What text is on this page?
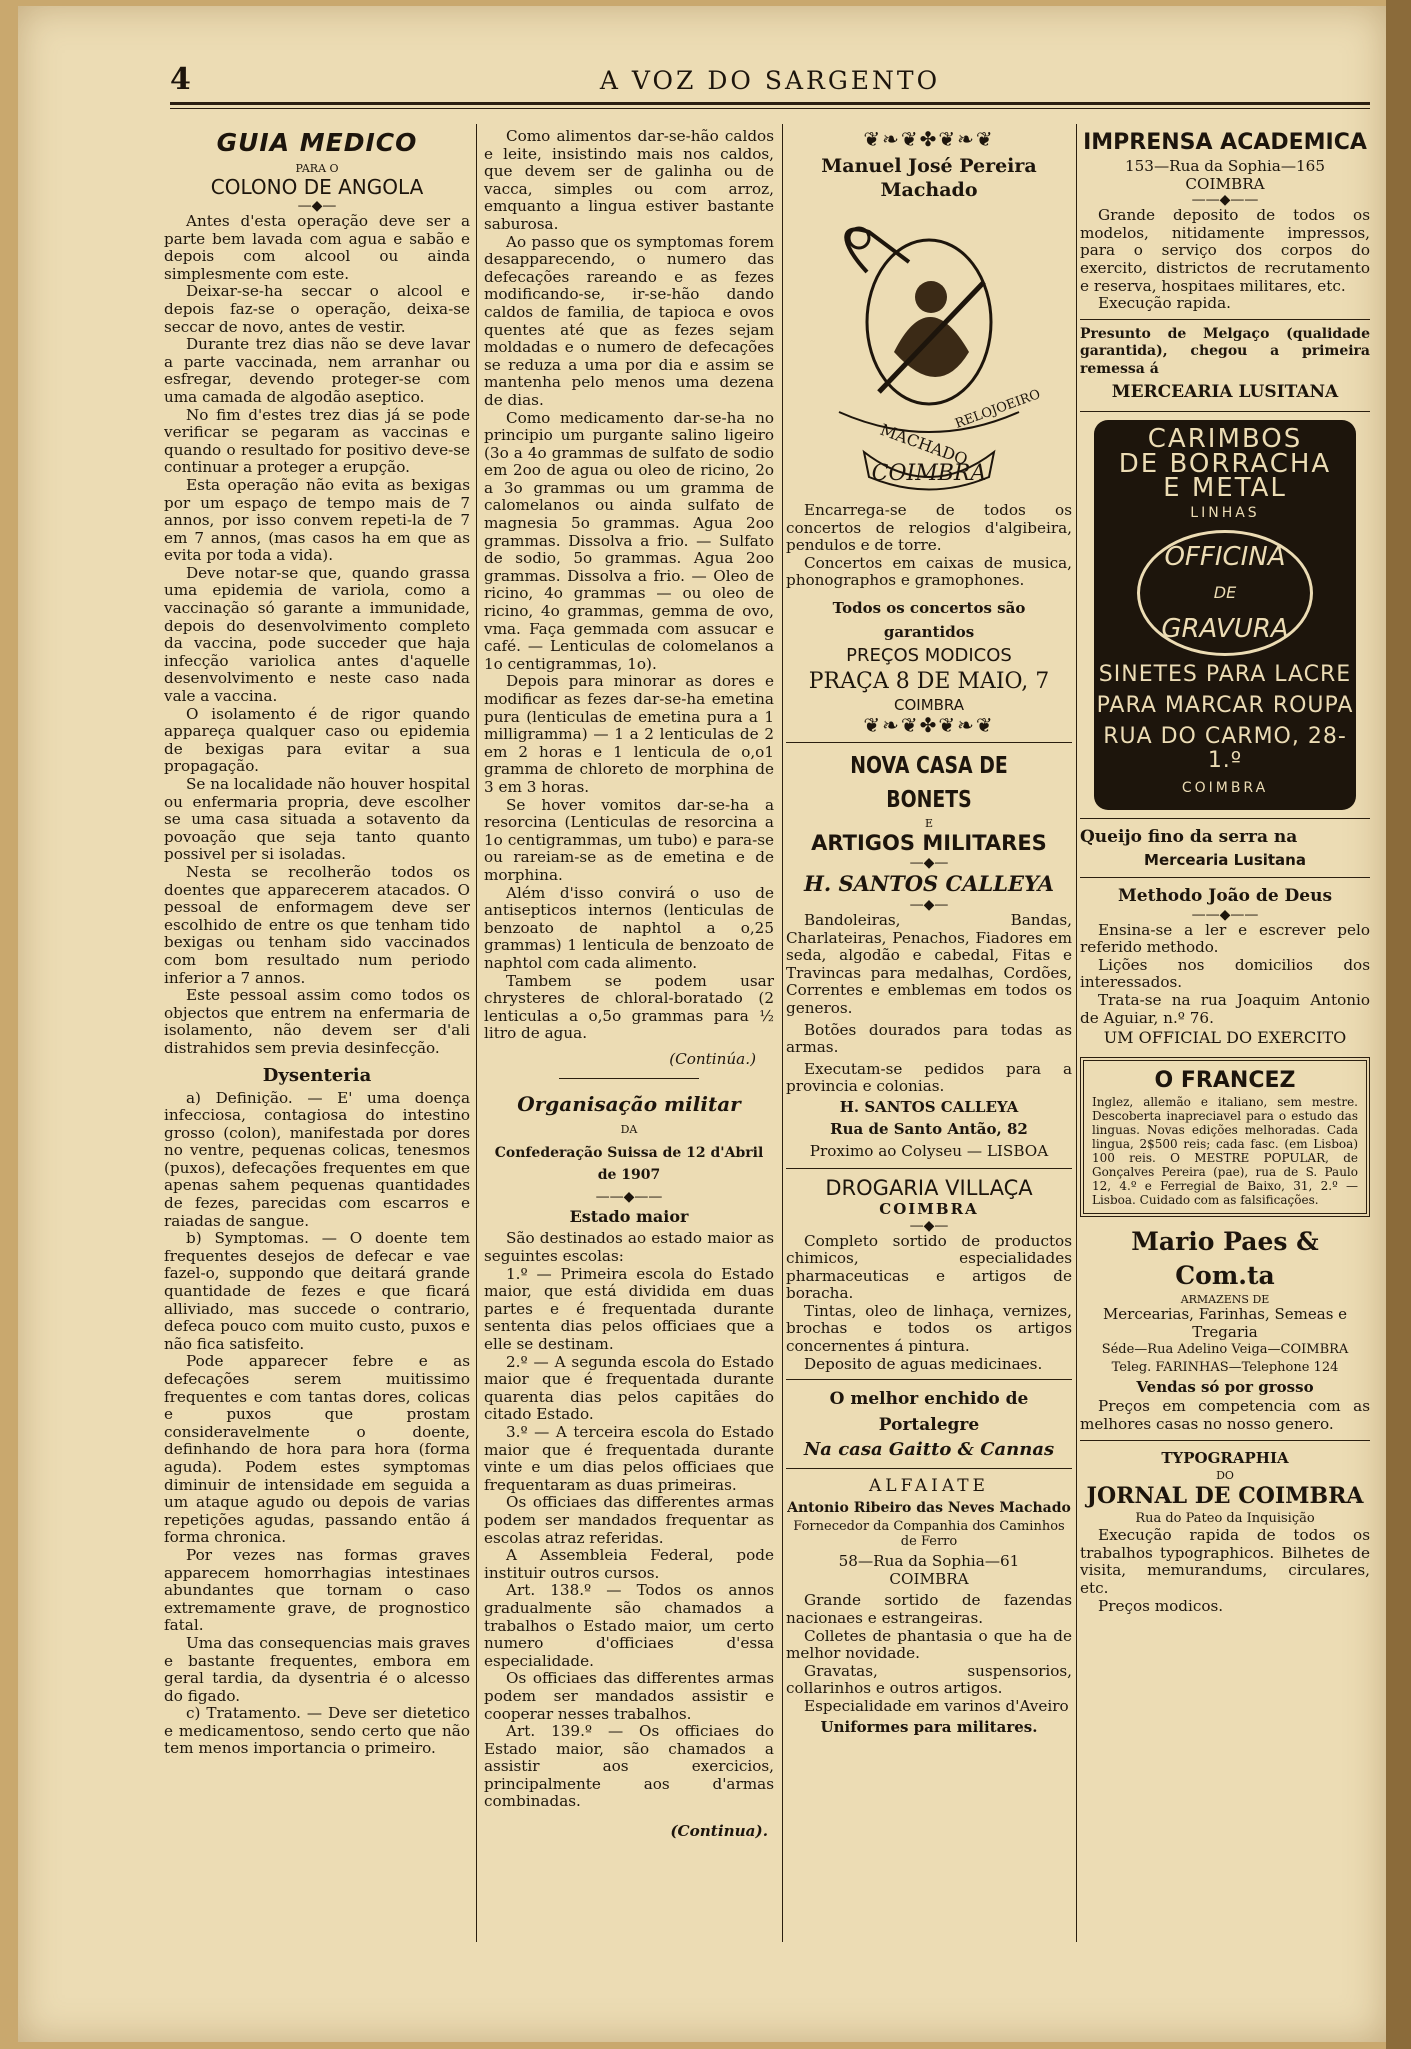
4	A VOZ DO SARGENTO
GUIA MEDICO
PARA O
COLONO DE ANGOLA
—◆—

Antes d'esta operação deve ser a parte bem lavada com agua e sabão e depois com alcool ou ainda simplesmente com este.

Deixar-se-ha seccar o alcool e depois faz-se o operação, deixa-se seccar de novo, antes de vestir.

Durante trez dias não se deve lavar a parte vaccinada, nem arranhar ou esfregar, devendo proteger-se com uma camada de algodão aseptico.

No fim d'estes trez dias já se pode verificar se pegaram as vaccinas e quando o resultado for positivo deve-se continuar a proteger a erupção.

Esta operação não evita as bexigas por um espaço de tempo mais de 7 annos, por isso convem repeti-la de 7 em 7 annos, (mas casos ha em que as evita por toda a vida).

Deve notar-se que, quando grassa uma epidemia de variola, como a vaccinação só garante a immunidade, depois do desenvolvimento completo da vaccina, pode succeder que haja infecção variolica antes d'aquelle desenvolvimento e neste caso nada vale a vaccina.

O isolamento é de rigor quando appareça qualquer caso ou epidemia de bexigas para evitar a sua propagação.

Se na localidade não houver hospital ou enfermaria propria, deve escolher se uma casa situada a sotavento da povoação que seja tanto quanto possivel per si isoladas.

Nesta se recolherão todos os doentes que apparecerem atacados. O pessoal de enformagem deve ser escolhido de entre os que tenham tido bexigas ou tenham sido vaccinados com bom resultado num periodo inferior a 7 annos.

Este pessoal assim como todos os objectos que entrem na enfermaria de isolamento, não devem ser d'ali distrahidos sem previa desinfecção.

Dysenteria

a) Definição. — E' uma doença infecciosa, contagiosa do intestino grosso (colon), manifestada por dores no ventre, pequenas colicas, tenesmos (puxos), defecações frequentes em que apenas sahem pequenas quantidades de fezes, parecidas com escarros e raiadas de sangue.

b) Symptomas. — O doente tem frequentes desejos de defecar e vae fazel-o, suppondo que deitará grande quantidade de fezes e que ficará alliviado, mas succede o contrario, defeca pouco com muito custo, puxos e não fica satisfeito.

Pode apparecer febre e as defecações serem muitissimo frequentes e com tantas dores, colicas e puxos que prostam consideravelmente o doente, definhando de hora para hora (forma aguda). Podem estes symptomas diminuir de intensidade em seguida a um ataque agudo ou depois de varias repetições agudas, passando então á forma chronica.

Por vezes nas formas graves apparecem homorrhagias intestinaes abundantes que tornam o caso extremamente grave, de prognostico fatal.

Uma das consequencias mais graves e bastante frequentes, embora em geral tardia, da dysentria é o alcesso do figado.

c) Tratamento. — Deve ser dietetico e medicamentoso, sendo certo que não tem menos importancia o primeiro.

Como alimentos dar-se-hão caldos e leite, insistindo mais nos caldos, que devem ser de galinha ou de vacca, simples ou com arroz, emquanto a lingua estiver bastante saburosa.

Ao passo que os symptomas forem desapparecendo, o numero das defecações rareando e as fezes modificando-se, ir-se-hão dando caldos de familia, de tapioca e ovos quentes até que as fezes sejam moldadas e o numero de defecações se reduza a uma por dia e assim se mantenha pelo menos uma dezena de dias.

Como medicamento dar-se-ha no principio um purgante salino ligeiro (3o a 4o grammas de sulfato de sodio em 2oo de agua ou oleo de ricino, 2o a 3o grammas ou um gramma de calomelanos ou ainda sulfato de magnesia 5o grammas. Agua 2oo grammas. Dissolva a frio. — Sulfato de sodio, 5o grammas. Agua 2oo grammas. Dissolva a frio. — Oleo de ricino, 4o grammas — ou oleo de ricino, 4o grammas, gemma de ovo, vma. Faça gemmada com assucar e café. — Lenticulas de colomelanos a 1o centigrammas, 1o).

Depois para minorar as dores e modificar as fezes dar-se-ha emetina pura (lenticulas de emetina pura a 1 milligramma) — 1 a 2 lenticulas de 2 em 2 horas e 1 lenticula de o,o1 gramma de chloreto de morphina de 3 em 3 horas.

Se hover vomitos dar-se-ha a resorcina (Lenticulas de resorcina a 1o centigrammas, um tubo) e para-se ou rareiam-se as de emetina e de morphina.

Além d'isso convirá o uso de antisepticos internos (lenticulas de benzoato de naphtol a o,25 grammas) 1 lenticula de benzoato de naphtol com cada alimento.

Tambem se podem usar chrysteres de chloral-boratado (2 lenticulas a o,5o grammas para ½ litro de agua.

(Continúa.)
Organisação militar
DA
Confederação Suissa de 12 d'Abril de 1907
——◆——
Estado maior

São destinados ao estado maior as seguintes escolas:

1.º — Primeira escola do Estado maior, que está dividida em duas partes e é frequentada durante sententa dias pelos officiaes que a elle se destinam.

2.º — A segunda escola do Estado maior que é frequentada durante quarenta dias pelos capitães do citado Estado.

3.º — A terceira escola do Estado maior que é frequentada durante vinte e um dias pelos officiaes que frequentaram as duas primeiras.

Os officiaes das differentes armas podem ser mandados frequentar as escolas atraz referidas.

A Assembleia Federal, pode instituir outros cursos.

Art. 138.º — Todos os annos gradualmente são chamados a trabalhos o Estado maior, um certo numero d'officiaes d'essa especialidade.

Os officiaes das differentes armas podem ser mandados assistir e cooperar nesses trabalhos.

Art. 139.º — Os officiaes do Estado maior, são chamados a assistir aos exercicios, principalmente aos d'armas combinadas.

(Continua).
❦❧❦✤❦❧❦
Manuel José Pereira Machado
MACHADO
RELOJOEIRO
COIMBRA
Encarrega-se de todos os concertos de relogios d'algibeira, pendulos e de torre.
Concertos em caixas de musica, phonographos e gramophones.
Todos os concertos são garantidos
PREÇOS MODICOS
PRAÇA 8 DE MAIO, 7
COIMBRA
❦❧❦✤❦❧❦
NOVA CASA DE BONETS
E
ARTIGOS MILITARES
—◆—
H. SANTOS CALLEYA
—◆—
Bandoleiras, Bandas, Charlateiras, Penachos, Fiadores em seda, algodão e cabedal, Fitas e Travincas para medalhas, Cordões, Correntes e emblemas em todos os generos.
Botões dourados para todas as armas.
Executam-se pedidos para a provincia e colonias.
H. SANTOS CALLEYA
Rua de Santo Antão, 82
Proximo ao Colyseu — LISBOA
DROGARIA VILLAÇA
COIMBRA
—◆—
Completo sortido de productos chimicos, especialidades pharmaceuticas e artigos de boracha.
Tintas, oleo de linhaça, vernizes, brochas e todos os artigos concernentes á pintura.
Deposito de aguas medicinaes.
O melhor enchido de Portalegre
Na casa Gaitto & Cannas
ALFAIATE
Antonio Ribeiro das Neves Machado
Fornecedor da Companhia dos Caminhos de Ferro
58—Rua da Sophia—61
COIMBRA
Grande sortido de fazendas nacionaes e estrangeiras.
Colletes de phantasia o que ha de melhor novidade.
Gravatas, suspensorios, collarinhos e outros artigos.
Especialidade em varinos d'Aveiro
Uniformes para militares.
IMPRENSA ACADEMICA
153—Rua da Sophia—165
COIMBRA
——◆——
Grande deposito de todos os modelos, nitidamente impressos, para o serviço dos corpos do exercito, districtos de recrutamento e reserva, hospitaes militares, etc.
Execução rapida.
Presunto de Melgaço (qualidade garantida), chegou a primeira remessa á
MERCEARIA LUSITANA
CARIMBOS
DE BORRACHA
E METAL
LINHAS
OFFICINA
DE
GRAVURA
SINETES PARA LACRE
PARA MARCAR ROUPA
RUA DO CARMO, 28-1.º
COIMBRA
Queijo fino da serra na
Mercearia Lusitana
Methodo João de Deus
——◆——
Ensina-se a ler e escrever pelo referido methodo.
Lições nos domicilios dos interessados.
Trata-se na rua Joaquim Antonio de Aguiar, n.º 76.
UM OFFICIAL DO EXERCITO
O FRANCEZ
Inglez, allemão e italiano, sem mestre. Descoberta inapreciavel para o estudo das linguas. Novas edições melhoradas. Cada lingua, 2$500 reis; cada fasc. (em Lisboa) 100 reis. O MESTRE POPULAR, de Gonçalves Pereira (pae), rua de S. Paulo 12, 4.º e Ferregial de Baixo, 31, 2.º — Lisboa. Cuidado com as falsificações.
Mario Paes & Com.ta
ARMAZENS DE
Mercearias, Farinhas, Semeas e Tregaria
Séde—Rua Adelino Veiga—COIMBRA
Teleg. FARINHAS—Telephone 124
Vendas só por grosso
Preços em competencia com as melhores casas no nosso genero.
TYPOGRAPHIA
DO
JORNAL DE COIMBRA
Rua do Pateo da Inquisição
Execução rapida de todos os trabalhos typographicos. Bilhetes de visita, memurandums, circulares, etc.
Preços modicos.
